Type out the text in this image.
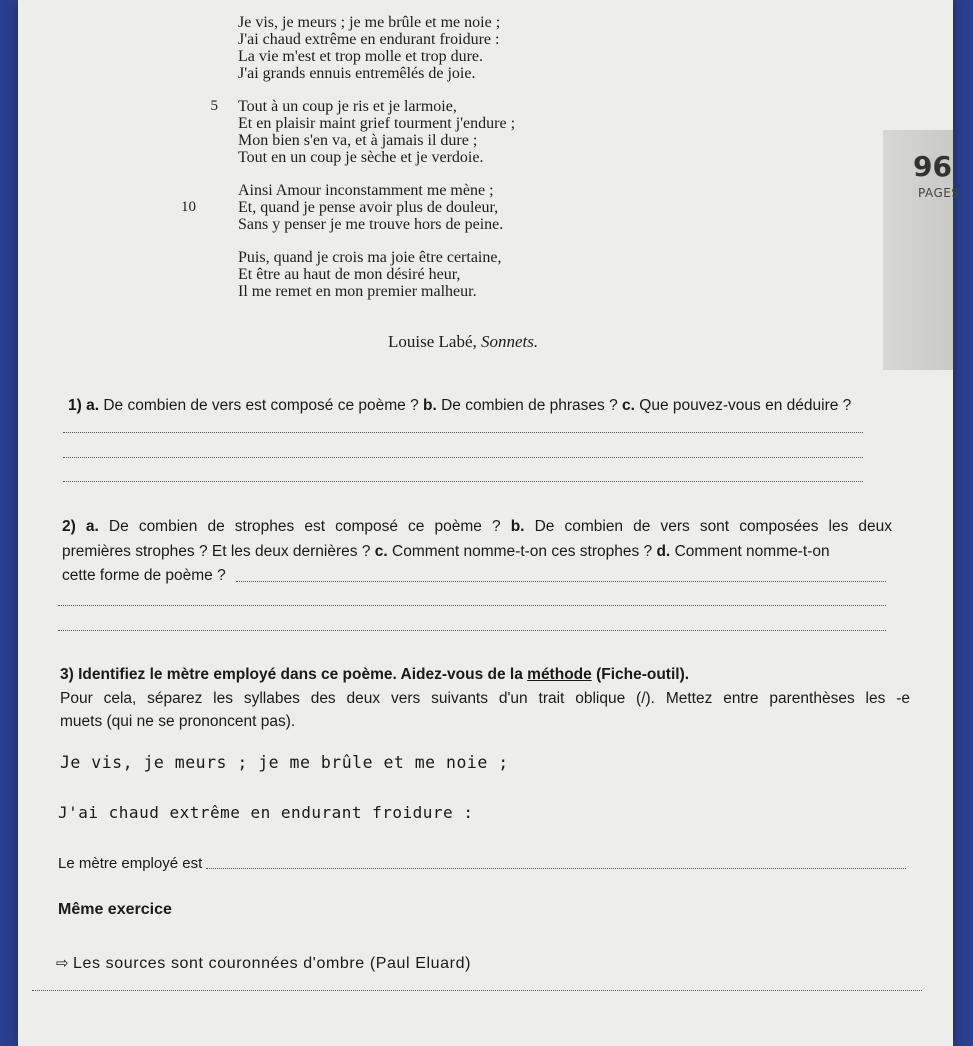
96
PAGES
Je vis, je meurs ; je me brûle et me noie ;
J'ai chaud extrême en endurant froidure :
La vie m'est et trop molle et trop dure.
J'ai grands ennuis entremêlés de joie.
5 Tout à un coup je ris et je larmoie,
Et en plaisir maint grief tourment j'endure ;
Mon bien s'en va, et à jamais il dure ;
Tout en un coup je sèche et je verdoie.
Ainsi Amour inconstamment me mène ;
10	Et, quand je pense avoir plus de douleur,
Sans y penser je me trouve hors de peine.
Puis, quand je crois ma joie être certaine,
Et être au haut de mon désiré heur,
Il me remet en mon premier malheur.
Louise Labé, Sonnets.
1) a. De combien de vers est composé ce poème ? b. De combien de phrases ? c. Que pouvez-vous en déduire ?
2) a. De combien de strophes est composé ce poème ? b. De combien de vers sont composées les deux
premières strophes ? Et les deux dernières ? c. Comment nomme-t-on ces strophes ? d. Comment nomme-t-on
cette forme de poème ?
3) Identifiez le mètre employé dans ce poème. Aidez-vous de la méthode (Fiche-outil).
Pour cela, séparez les syllabes des deux vers suivants d'un trait oblique (/). Mettez entre parenthèses les -e
muets (qui ne se prononcent pas).
Je vis, je meurs ; je me brûle et me noie ;
J'ai chaud extrême en endurant froidure :
Le mètre employé est
Même exercice
⇨ Les sources sont couronnées d'ombre (Paul Eluard)
